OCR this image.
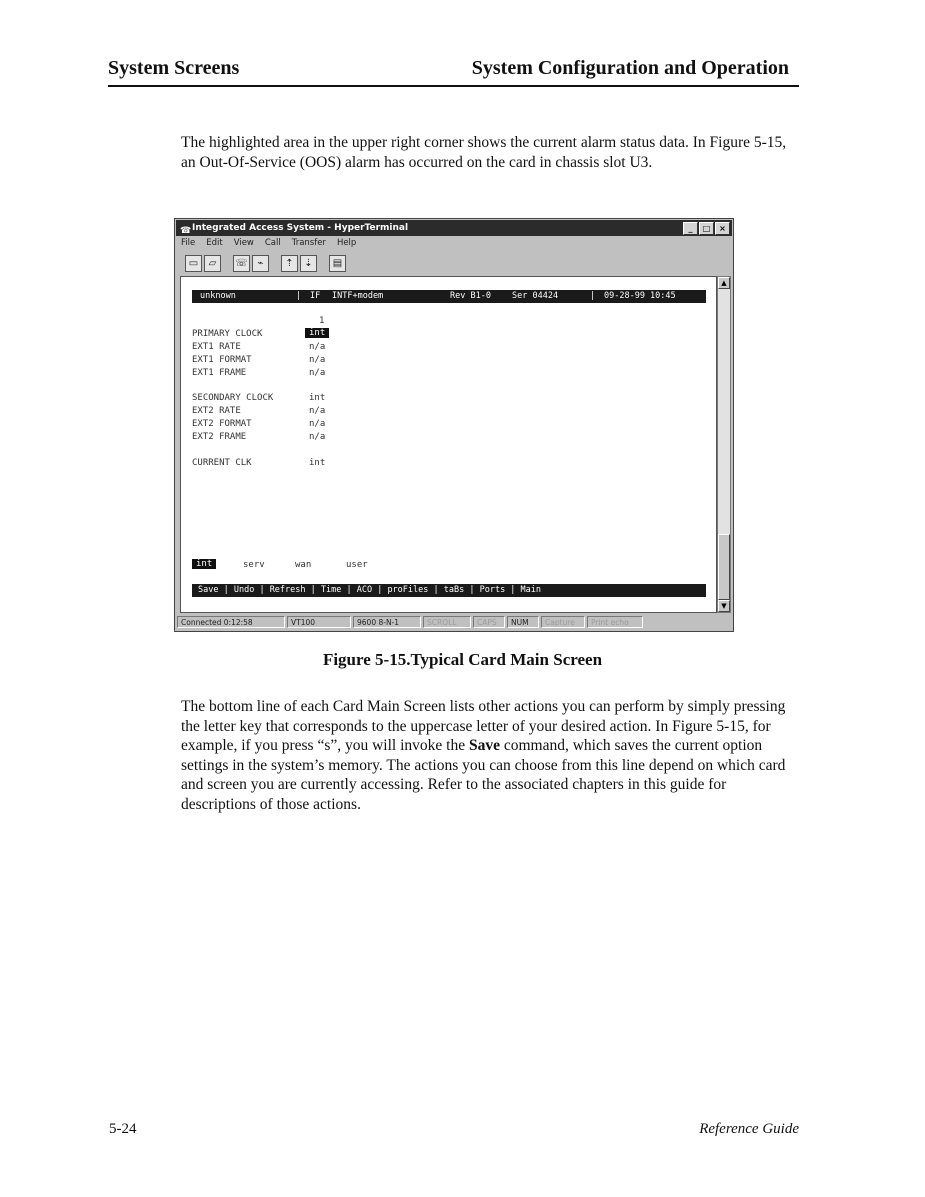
System Screens	System Configuration and Operation
The highlighted area in the upper right corner shows the current alarm status data. In Figure 5-15, an Out-Of-Service (OOS) alarm has occurred on the card in chassis slot U3.
☎ Integrated Access System - HyperTerminal	_	□	×
File Edit View Call Transfer Help
▭	▱	☏ ⌁	⇡	⇣	▤
unknown	| IF INTF+modem	Rev B1-0 Ser 04424	| 09-28-99 10:45
1
PRIMARY CLOCK	int
EXT1 RATE	n/a
EXT1 FORMAT	n/a
EXT1 FRAME	n/a
SECONDARY CLOCK	int
EXT2 RATE	n/a
EXT2 FORMAT	n/a
EXT2 FRAME	n/a
CURRENT CLK	int
int	serv	wan	user
Save | Undo | Refresh | Time | ACO | proFiles | taBs | Ports | Main
▲
▼
Connected 0:12:58	VT100	9600 8-N-1	SCROLL	CAPS	NUM	Capture	Print echo
Figure 5-15.Typical Card Main Screen
The bottom line of each Card Main Screen lists other actions you can perform by simply pressing the letter key that corresponds to the uppercase letter of your desired action. In Figure 5-15, for example, if you press “s”, you will invoke the Save command, which saves the current option settings in the system’s memory. The actions you can choose from this line depend on which card and screen you are currently accessing. Refer to the associated chapters in this guide for descriptions of those actions.
5-24	Reference Guide
